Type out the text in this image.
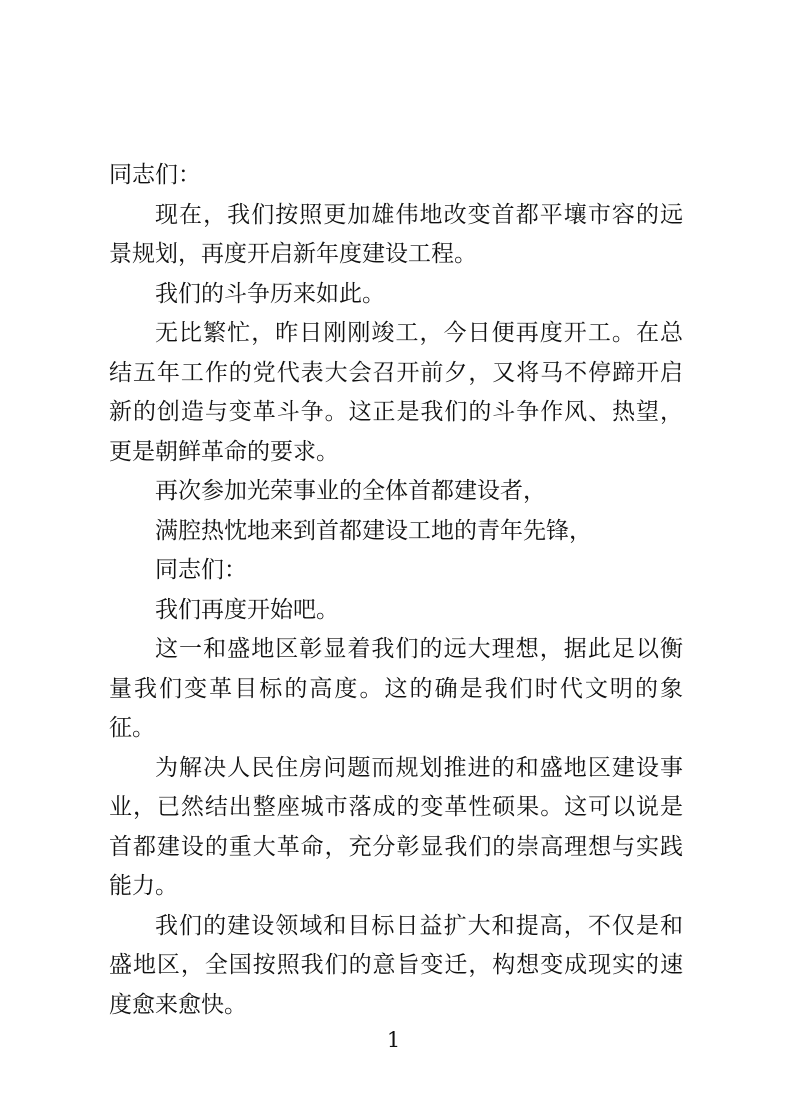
同志们：

现在，我们按照更加雄伟地改变首都平壤市容的远景规划，再度开启新年度建设工程。

我们的斗争历来如此。

无比繁忙，昨日刚刚竣工，今日便再度开工。在总结五年工作的党代表大会召开前夕，又将马不停蹄开启新的创造与变革斗争。这正是我们的斗争作风、热望，更是朝鲜革命的要求。

再次参加光荣事业的全体首都建设者，

满腔热忱地来到首都建设工地的青年先锋，

同志们：

我们再度开始吧。

这一和盛地区彰显着我们的远大理想，据此足以衡量我们变革目标的高度。这的确是我们时代文明的象征。

为解决人民住房问题而规划推进的和盛地区建设事业，已然结出整座城市落成的变革性硕果。这可以说是首都建设的重大革命，充分彰显我们的崇高理想与实践能力。

我们的建设领域和目标日益扩大和提高，不仅是和盛地区，全国按照我们的意旨变迁，构想变成现实的速度愈来愈快。

1
